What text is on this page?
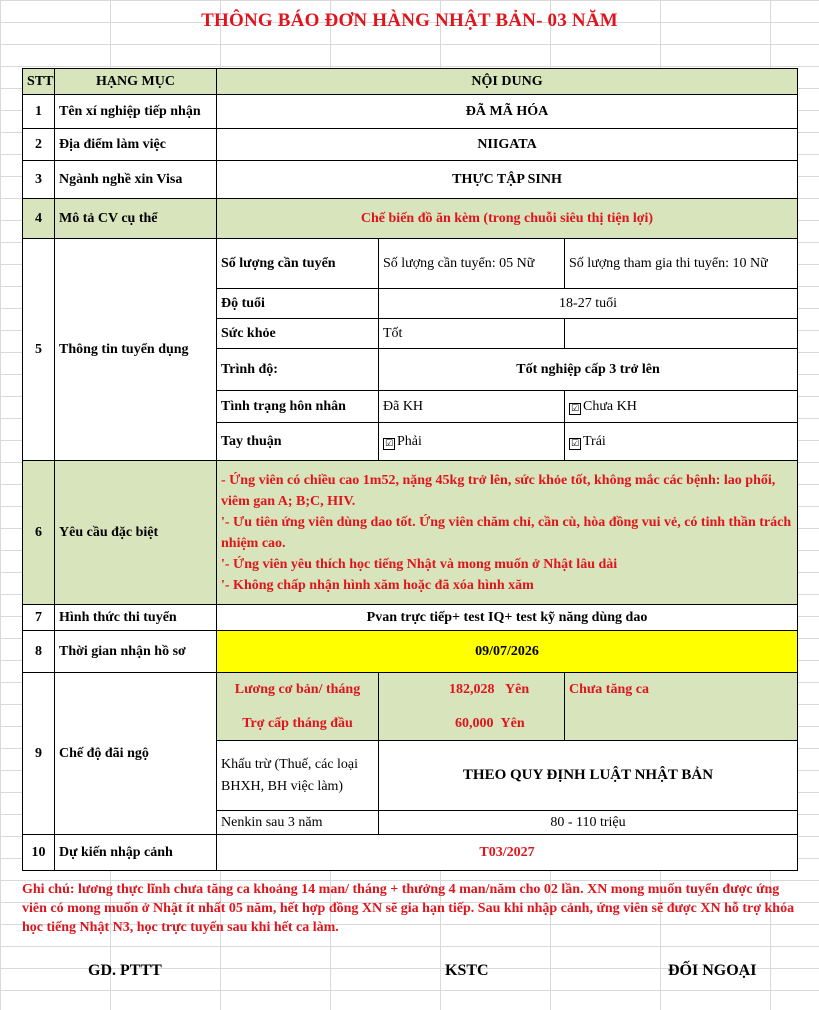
THÔNG BÁO ĐƠN HÀNG NHẬT BẢN- 03 NĂM
STT	HẠNG MỤC	NỘI DUNG		
1	Tên xí nghiệp tiếp nhận	ĐÃ MÃ HÓA		
2	Địa điểm làm việc	NIIGATA		
3	Ngành nghề xin Visa	THỰC TẬP SINH		
4	Mô tả CV cụ thể	Chế biến đồ ăn kèm (trong chuỗi siêu thị tiện lợi)		
5	Thông tin tuyển dụng	Số lượng cần tuyển	Số lượng cần tuyển: 05 Nữ	Số lượng tham gia thi tuyển: 10 Nữ
		Độ tuổi	18-27 tuổi	
		Sức khỏe	Tốt	
		Trình độ:	Tốt nghiệp cấp 3 trở lên	
		Tình trạng hôn nhân	Đã KH	☑ Chưa KH
		Tay thuận	☑ Phải	☑ Trái
6	Yêu cầu đặc biệt	- Ứng viên có chiều cao 1m52, nặng 45kg trở lên, sức khỏe tốt, không mắc các bệnh: lao phổi, viêm gan A; B;C, HIV.
'- Ưu tiên ứng viên dùng dao tốt. Ứng viên chăm chỉ, cần cù, hòa đồng vui vẻ, có tinh thần trách nhiệm cao.
'- Ứng viên yêu thích học tiếng Nhật và mong muốn ở Nhật lâu dài
'- Không chấp nhận hình xăm hoặc đã xóa hình xăm		

7	Hình thức thi tuyển	Pvan trực tiếp+ test IQ+ test kỹ năng dùng dao		
8	Thời gian nhận hồ sơ	09/07/2026		
9	Chế độ đãi ngộ	Lương cơ bản/ tháng	182,028 Yên	Chưa tăng ca
		Trợ cấp tháng đầu	60,000 Yên	
		Khấu trừ (Thuế, các loại BHXH, BH việc làm)	THEO QUY ĐỊNH LUẬT NHẬT BẢN	
		Nenkin sau 3 năm	80 - 110 triệu	
10	Dự kiến nhập cảnh	T03/2027		
Ghi chú: lương thực lĩnh chưa tăng ca khoảng 14 man/ tháng + thưởng 4 man/năm cho 02 lần. XN mong muốn tuyển được ứng viên có mong muốn ở Nhật ít nhất 05 năm, hết hợp đồng XN sẽ gia hạn tiếp. Sau khi nhập cảnh, ứng viên sẽ được XN hỗ trợ khóa học tiếng Nhật N3, học trực tuyến sau khi hết ca làm.
GD. PTTT	KSTC	ĐỐI NGOẠI
